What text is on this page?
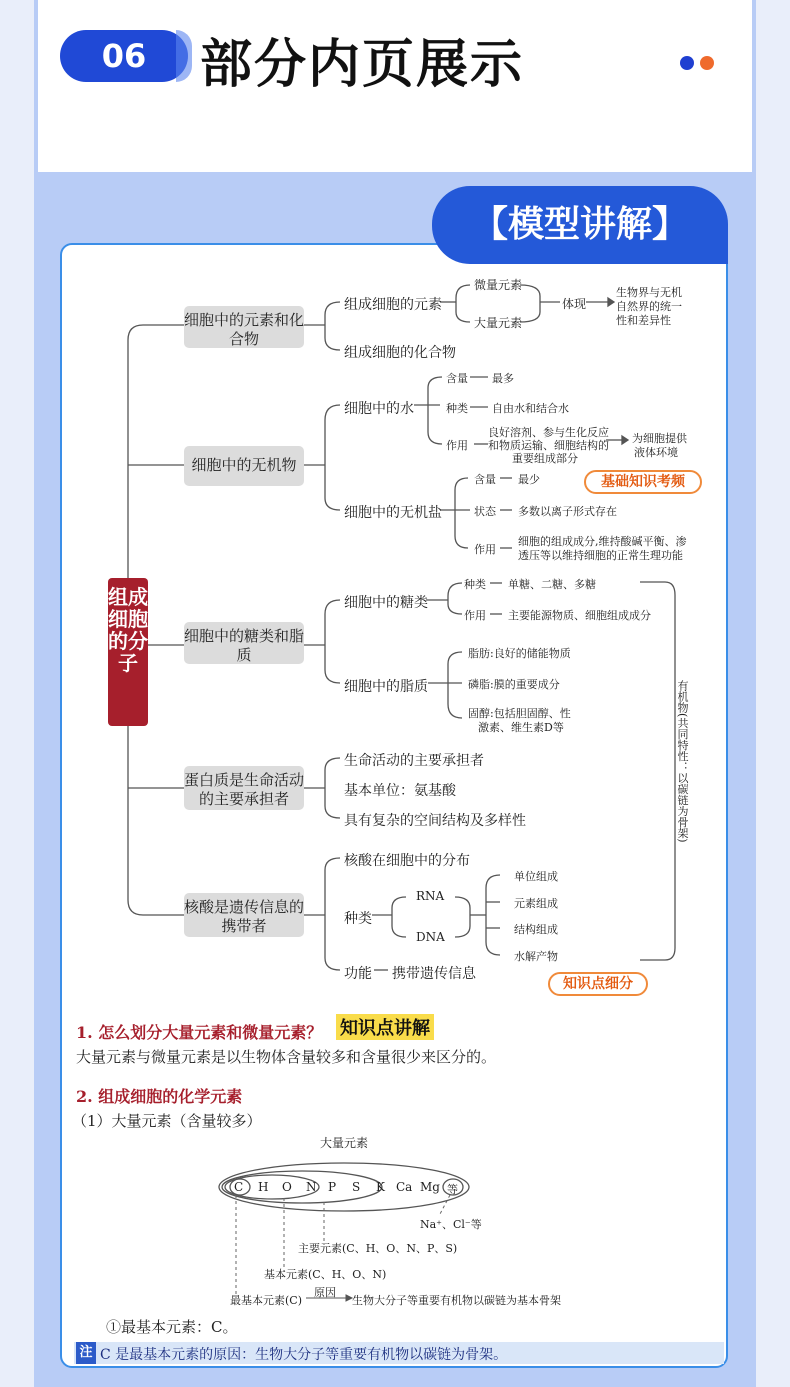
06	部分内页展示
【模型讲解】
组成细胞的分子
细胞中的元素和化合物
细胞中的无机物
细胞中的糖类和脂质
蛋白质是生命活动的主要承担者
核酸是遗传信息的携带者
组成细胞的元素
组成细胞的化合物
微量元素
大量元素
体现
生物界与无机
自然界的统一
性和差异性
细胞中的水
含量 最多
种类 自由水和结合水
作用
良好溶剂、参与生化反应
和物质运输、细胞结构的
重要组成部分
为细胞提供
液体环境
细胞中的无机盐
含量 最少
状态 多数以离子形式存在
作用
细胞的组成成分,维持酸碱平衡、渗
透压等以维持细胞的正常生理功能
基础知识考频
细胞中的糖类
种类 单糖、二糖、多糖
作用 主要能源物质、细胞组成成分
细胞中的脂质
脂肪:良好的储能物质
磷脂:膜的重要成分
固醇:包括胆固醇、性
激素、维生素D等
生命活动的主要承担者
基本单位：氨基酸
具有复杂的空间结构及多样性
核酸在细胞中的分布
种类
RNA
DNA
单位组成
元素组成
结构组成
水解产物
功能 携带遗传信息
有机物(共同特性：以碳链为骨架)
知识点细分
1. 怎么划分大量元素和微量元素？ 知识点讲解
大量元素与微量元素是以生物体含量较多和含量很少来区分的。
2. 组成细胞的化学元素
（1）大量元素（含量较多）
大量元素
C H O N P S K Ca Mg 等
Na⁺、Cl⁻等
主要元素(C、H、O、N、P、S)
基本元素(C、H、O、N)
最基本元素(C)
原因
生物大分子等重要有机物以碳链为基本骨架
①最基本元素：C。
注 C 是最基本元素的原因：生物大分子等重要有机物以碳链为骨架。
